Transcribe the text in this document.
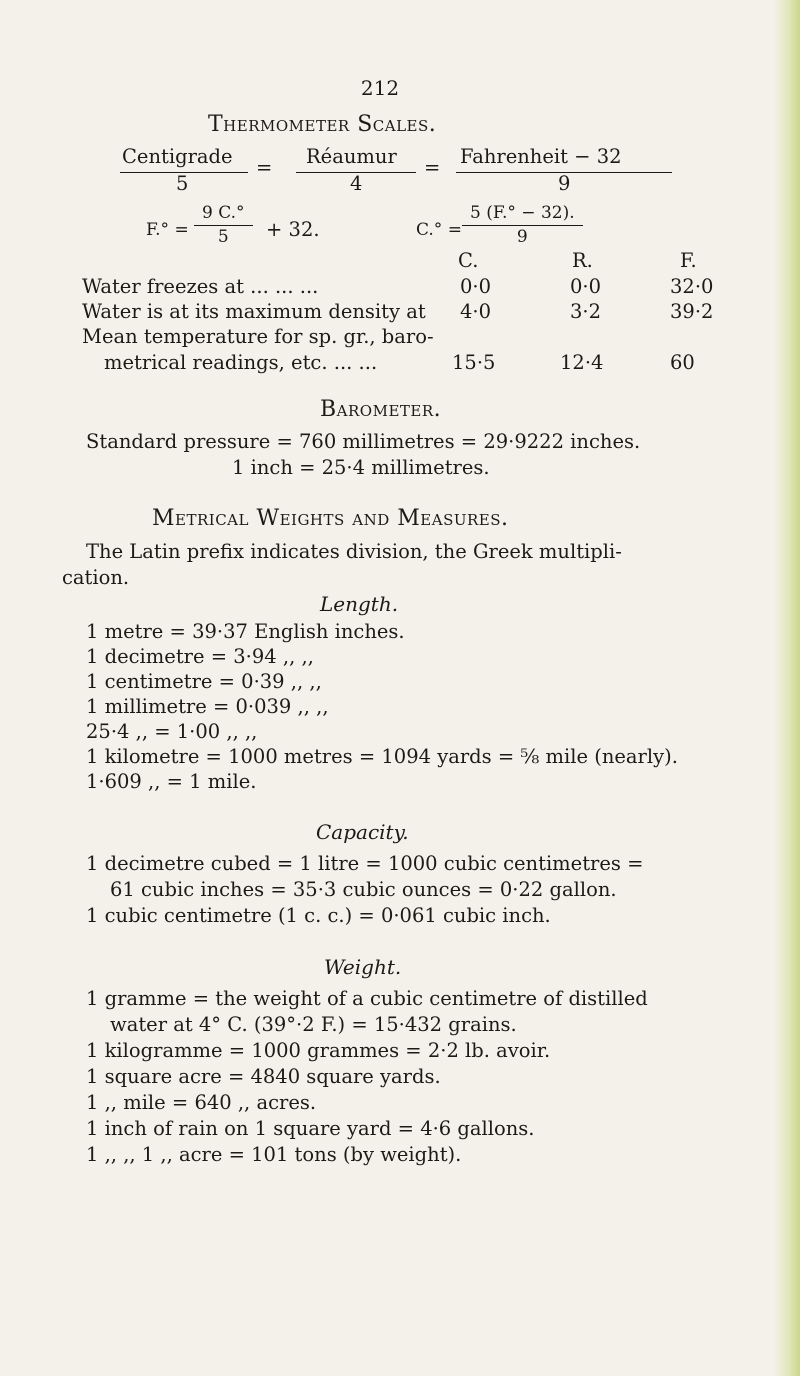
212
Thermometer Scales.
Centigrade = Réaumur = Fahrenheit − 32
5	4	9
$F.^\circ = \frac{9 C.^\circ}{5} + 32$.	$C.^\circ = \frac{5 (F.^\circ - 32).}{9}$
C.	R.	F.
Water freezes at ... ... ...	0·0	0·0	32·0
Water is at its maximum density at 4·0	3·2	39·2
Mean temperature for sp. gr., baro-
metrical readings, etc. ... ...	15·5	12·4	60
Barometer.
Standard pressure = 760 millimetres = 29·9222 inches.
1 inch = 25·4 millimetres.
Metrical Weights and Measures.
The Latin prefix indicates division, the Greek multipli-
cation.
Length.
1 metre = 39·37 English inches.
1 decimetre = 3·94 ,, ,,
1 centimetre = 0·39 ,, ,,
1 millimetre = 0·039 ,, ,,
25·4 ,, = 1·00 ,, ,,
1 kilometre = 1000 metres = 1094 yards = ⅝ mile (nearly).
1·609 ,, = 1 mile.
Capacity.
1 decimetre cubed = 1 litre = 1000 cubic centimetres =
61 cubic inches = 35·3 cubic ounces = 0·22 gallon.
1 cubic centimetre (1 c. c.) = 0·061 cubic inch.
Weight.
1 gramme = the weight of a cubic centimetre of distilled
water at 4° C. (39°·2 F.) = 15·432 grains.
1 kilogramme = 1000 grammes = 2·2 lb. avoir.
1 square acre = 4840 square yards.
1 ,, mile = 640 ,, acres.
1 inch of rain on 1 square yard = 4·6 gallons.
1 ,, ,, 1 ,, acre = 101 tons (by weight).
